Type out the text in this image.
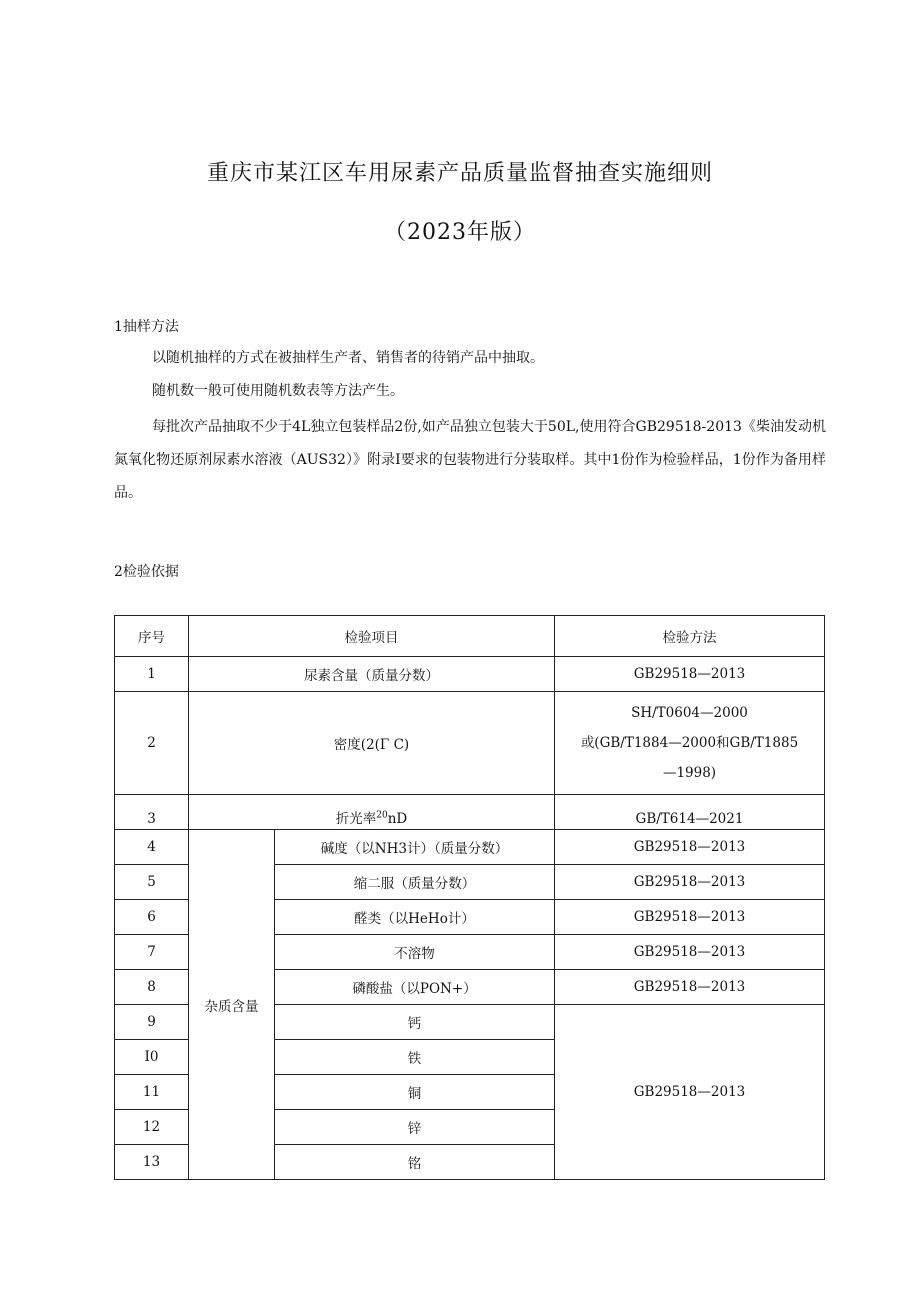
重庆市某江区车用尿素产品质量监督抽查实施细则
（2023年版）
1抽样方法
以随机抽样的方式在被抽样生产者、销售者的待销产品中抽取。
随机数一般可使用随机数表等方法产生。
每批次产品抽取不少于4L独立包装样品2份,如产品独立包装大于50L,使用符合GB29518-2013《柴油发动机氮氧化物还原剂尿素水溶液（AUS32）》附录I要求的包装物进行分装取样。其中1份作为检验样品，1份作为备用样品。
2检验依据
序号	检验项目		检验方法
1	尿素含量（质量分数）		GB29518—2013
2	密度(2(Γ C)		SH/T0604—2000
或(GB/T1884—2000和GB/T1885
—1998)

3	折光率$^{20}$nD		GB/T614—2021
4	杂质含量	碱度（以NH3计）（质量分数）	GB29518—2013
5		缩二服（质量分数）	GB29518—2013
6		醛类（以HeHo计）	GB29518—2013
7		不溶物	GB29518—2013
8		磷酸盐（以PON+）	GB29518—2013
9		钙	GB29518—2013
I0		铁	
11		铜	
12		锌	
13		铭	
